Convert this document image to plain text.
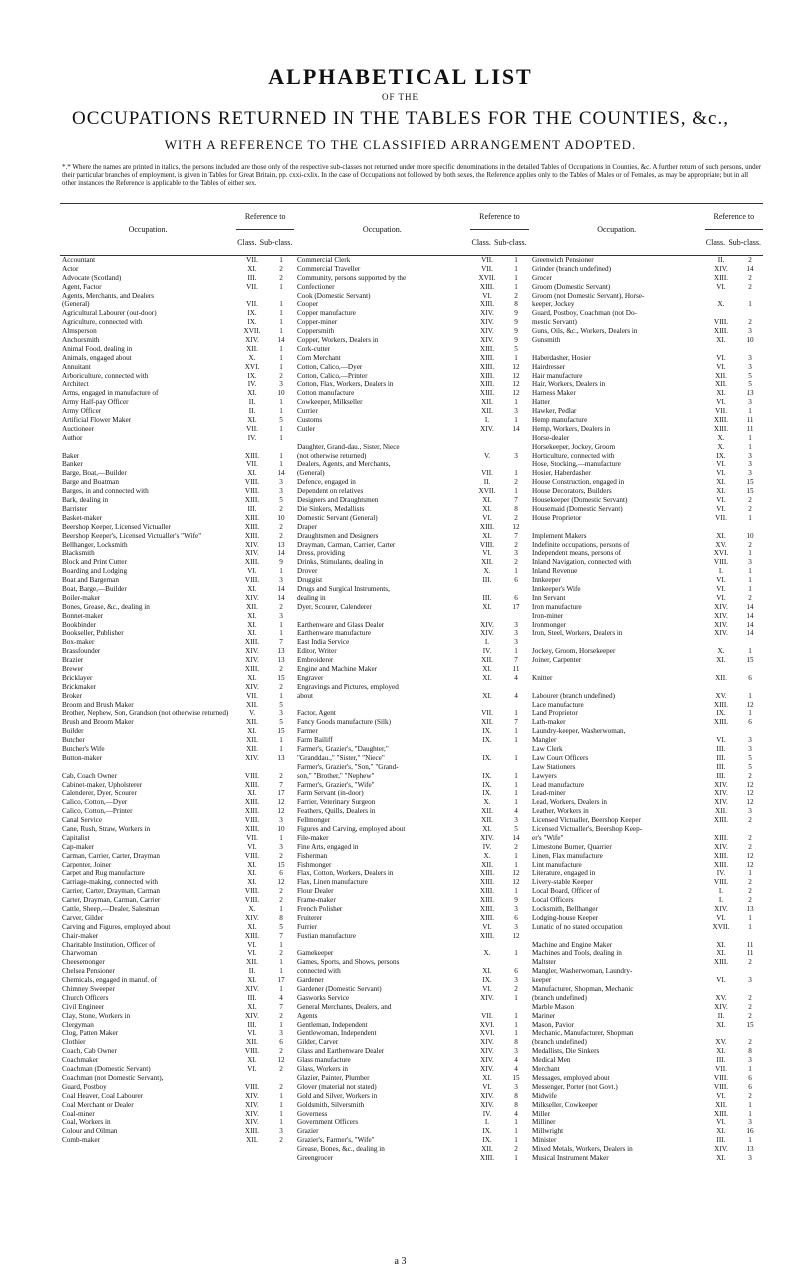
ALPHABETICAL LIST
OF THE
OCCUPATIONS RETURNED IN THE TABLES FOR THE COUNTIES, &c.,
WITH A REFERENCE TO THE CLASSIFIED ARRANGEMENT ADOPTED.
*.* Where the names are printed in italics, the persons included are those only of the respective sub-classes not returned under more specific denominations in the detailed Tables of Occupations in Counties, &c. A further return of such persons, under their particular branches of employment, is given in Tables for Great Britain, pp. cxxi-cxlix. In the case of Occupations not followed by both sexes, the Reference applies only to the Tables of Males or of Females, as may be appropriate; but in all other instances the Reference is applicable to the Tables of either sex.
Occupation.	Reference to		Occupation.	Reference to		Occupation.	Reference to	
	Class.	Sub-class.		Class.	Sub-class.		Class.	Sub-class.
Accountant	VII.	1
Actor	XI.	2
Advocate (Scotland)	III.	2
Agent, Factor	VII.	1
Agents, Merchants, and Dealers
(General)	VII.	1
Agricultural Labourer (out-door)	IX.	1
Agriculture, connected with	IX.	1
Almsperson	XVII.	1
Anchorsmith	XIV.	14
Animal Food, dealing in	XII.	1
Animals, engaged about	X.	1
Annuitant	XVI.	1
Arboriculture, connected with	IX.	2
Architect	IV.	3
Arms, engaged in manufacture of	XI.	10
Army Half-pay Officer	II.	1
Army Officer	II.	1
Artificial Flower Maker	XI.	5
Auctioneer	VII.	1
Author	IV.	1
Baker	XIII.	1
Banker	VII.	1
Barge, Boat,—Builder	XI.	14
Barge and Boatman	VIII.	3
Barges, in and connected with	VIII.	3
Bark, dealing in	XIII.	5
Barrister	III.	2
Basket-maker	XIII.	10
Beershop Keeper, Licensed Victualler	XIII.	2
Beershop Keeper's, Licensed Victualler's "Wife"	XIII.	2
Bellhanger, Locksmith	XIV.	13
Blacksmith	XIV.	14
Block and Print Cutter	XIII.	9
Boarding and Lodging	VI.	1
Boat and Bargeman	VIII.	3
Boat, Barge,—Builder	XI.	14
Boiler-maker	XIV.	14
Bones, Grease, &c., dealing in	XII.	2
Bonnet-maker	XI.	3
Bookbinder	XI.	1
Bookseller, Publisher	XI.	1
Box-maker	XIII.	7
Brassfounder	XIV.	13
Brazier	XIV.	13
Brewer	XIII.	2
Bricklayer	XI.	15
Brickmaker	XIV.	2
Broker	VII.	1
Broom and Brush Maker	XII.	5
Brother, Nephew, Son, Grandson (not otherwise returned)	V.	3
Brush and Broom Maker	XII.	5
Builder	XI.	15
Butcher	XII.	1
Butcher's Wife	XII.	1
Button-maker	XIV.	13
Cab, Coach Owner	VIII.	2
Cabinet-maker, Upholsterer	XIII.	7
Calenderer, Dyer, Scourer	XI.	17
Calico, Cotton,—Dyer	XIII.	12
Calico, Cotton,—Printer	XIII.	12
Canal Service	VIII.	3
Cane, Rush, Straw, Workers in	XIII.	10
Capitalist	VII.	1
Cap-maker	VI.	3
Carman, Carrier, Carter, Drayman	VIII.	2
Carpenter, Joiner	XI.	15
Carpet and Rug manufacture	XI.	6
Carriage-making, connected with	XI.	12
Carrier, Carter, Drayman, Carman	VIII.	2
Carter, Drayman, Carman, Carrier	VIII.	2
Cattle, Sheep,—Dealer, Salesman	X.	1
Carver, Gilder	XIV.	8
Carving and Figures, employed about	XI.	5
Chair-maker	XIII.	7
Charitable Institution, Officer of	VI.	1
Charwoman	VI.	2
Cheesemonger	XII.	1
Chelsea Pensioner	II.	1
Chemicals, engaged in manuf. of	XI.	17
Chimney Sweeper	XIV.	1
Church Officers	III.	4
Civil Engineer	XI.	7
Clay, Stone, Workers in	XIV.	2
Clergyman	III.	1
Clog, Patten Maker	VI.	3
Clothier	XII.	6
Coach, Cab Owner	VIII.	2
Coachmaker	XI.	12
Coachman (Domestic Servant)	VI.	2
Coachman (not Domestic Servant),
Guard, Postboy	VIII.	2
Coal Heaver, Coal Labourer	XIV.	1
Coal Merchant or Dealer	XIV.	1
Coal-miner	XIV.	1
Coal, Workers in	XIV.	1
Colour and Oilman	XIII.	3
Comb-maker	XII.	2
Commercial Clerk	VII.	1
Commercial Traveller	VII.	1
Community, persons supported by the	XVII.	1
Confectioner	XIII.	1
Cook (Domestic Servant)	VI.	2
Cooper	XIII.	8
Copper manufacture	XIV.	9
Copper-miner	XIV.	9
Coppersmith	XIV.	9
Copper, Workers, Dealers in	XIV.	9
Cork-cutter	XIII.	5
Corn Merchant	XIII.	1
Cotton, Calico,—Dyer	XIII.	12
Cotton, Calico,—Printer	XIII.	12
Cotton, Flax, Workers, Dealers in	XIII.	12
Cotton manufacture	XIII.	12
Cowkeeper, Milkseller	XII.	1
Currier	XII.	3
Customs	I.	1
Cutler	XIV.	14
Daughter, Grand-dau., Sister, Niece
(not otherwise returned)	V.	3
Dealers, Agents, and Merchants,
(General)	VII.	1
Defence, engaged in	II.	2
Dependent on relatives	XVII.	1
Designers and Draughtsmen	XI.	7
Die Sinkers, Medallists	XI.	8
Domestic Servant (General)	VI.	2
Draper	XIII.	12
Draughtsmen and Designers	XI.	7
Drayman, Carman, Carrier, Carter	VIII.	2
Dress, providing	VI.	3
Drinks, Stimulants, dealing in	XII.	2
Drover	X.	1
Druggist	III.	6
Drugs and Surgical Instruments,
dealing in	III.	6
Dyer, Scourer, Calenderer	XI.	17
Earthenware and Glass Dealer	XIV.	3
Earthenware manufacture	XIV.	3
East India Service	I.	3
Editor, Writer	IV.	1
Embroiderer	XII.	7
Engine and Machine Maker	XI.	11
Engraver	XI.	4
Engravings and Pictures, employed
about	XI.	4
Factor, Agent	VII.	1
Fancy Goods manufacture (Silk)	XII.	7
Farmer	IX.	1
Farm Bailiff	IX.	1
Farmer's, Grazier's, "Daughter,"
"Granddau.," "Sister," "Niece"	IX.	1
Farmer's, Grazier's, "Son," "Grand-
son," "Brother," "Nephew"	IX.	1
Farmer's, Grazier's, "Wife"	IX.	1
Farm Servant (in-door)	IX.	1
Farrier, Veterinary Surgeon	X.	1
Feathers, Quills, Dealers in	XII.	4
Fellmonger	XII.	3
Figures and Carving, employed about	XI.	5
File-maker	XIV.	14
Fine Arts, engaged in	IV.	2
Fisherman	X.	1
Fishmonger	XII.	1
Flax, Cotton, Workers, Dealers in	XIII.	12
Flax, Linen manufacture	XIII.	12
Flour Dealer	XIII.	1
Frame-maker	XIII.	9
French Polisher	XIII.	3
Fruiterer	XIII.	6
Furrier	VI.	3
Fustian manufacture	XIII.	12
Gamekeeper	X.	1
Games, Sports, and Shows, persons
connected with	XI.	6
Gardener	IX.	3
Gardener (Domestic Servant)	VI.	2
Gasworks Service	XIV.	1
General Merchants, Dealers, and
Agents	VII.	1
Gentleman, Independent	XVI.	1
Gentlewoman, Independent	XVI.	1
Gilder, Carver	XIV.	8
Glass and Earthenware Dealer	XIV.	3
Glass manufacture	XIV.	4
Glass, Workers in	XIV.	4
Glazier, Painter, Plumber	XI.	15
Glover (material not stated)	VI.	3
Gold and Silver, Workers in	XIV.	8
Goldsmith, Silversmith	XIV.	8
Governess	IV.	4
Government Officers	I.	1
Grazier	IX.	1
Grazier's, Farmer's, "Wife"	IX.	1
Grease, Bones, &c., dealing in	XII.	2
Greengrocer	XIII.	1
Greenwich Pensioner	II.	2
Grinder (branch undefined)	XIV.	14
Grocer	XIII.	2
Groom (Domestic Servant)	VI.	2
Groom (not Domestic Servant), Horse-
keeper, Jockey	X.	1
Guard, Postboy, Coachman (not Do-
mestic Servant)	VIII.	2
Guns, Oils, &c., Workers, Dealers in	XIII.	3
Gunsmith	XI.	10
Haberdasher, Hosier	VI.	3
Hairdresser	VI.	3
Hair manufacture	XII.	5
Hair, Workers, Dealers in	XII.	5
Harness Maker	XI.	13
Hatter	VI.	3
Hawker, Pedlar	VII.	1
Hemp manufacture	XIII.	11
Hemp, Workers, Dealers in	XIII.	11
Horse-dealer	X.	1
Horsekeeper, Jockey, Groom	X.	1
Horticulture, connected with	IX.	3
Hose, Stocking,—manufacture	VI.	3
Hosier, Haberdasher	VI.	3
House Construction, engaged in	XI.	15
House Decorators, Builders	XI.	15
Housekeeper (Domestic Servant)	VI.	2
Housemaid (Domestic Servant)	VI.	2
House Proprietor	VII.	1
Implement Makers	XI.	10
Indefinite occupations, persons of	XV.	2
Independent means, persons of	XVI.	1
Inland Navigation, connected with	VIII.	3
Inland Revenue	I.	1
Innkeeper	VI.	1
Innkeeper's Wife	VI.	1
Inn Servant	VI.	2
Iron manufacture	XIV.	14
Iron-miner	XIV.	14
Ironmonger	XIV.	14
Iron, Steel, Workers, Dealers in	XIV.	14
Jockey, Groom, Horsekeeper	X.	1
Joiner, Carpenter	XI.	15
Knitter	XII.	6
Labourer (branch undefined)	XV.	1
Lace manufacture	XIII.	12
Land Proprietor	IX.	1
Lath-maker	XIII.	6
Laundry-keeper, Washerwoman,
Mangler	VI.	3
Law Clerk	III.	3
Law Court Officers	III.	5
Law Stationers	III.	5
Lawyers	III.	2
Lead manufacture	XIV.	12
Lead-miner	XIV.	12
Lead, Workers, Dealers in	XIV.	12
Leather, Workers in	XII.	3
Licensed Victualler, Beershop Keeper	XIII.	2
Licensed Victualler's, Beershop Keep-
er's "Wife"	XIII.	2
Limestone Burner, Quarrier	XIV.	2
Linen, Flax manufacture	XIII.	12
Lint manufacture	XIII.	12
Literature, engaged in	IV.	1
Livery-stable Keeper	VIII.	2
Local Board, Officer of	I.	2
Local Officers	I.	2
Locksmith, Bellhanger	XIV.	13
Lodging-house Keeper	VI.	1
Lunatic of no stated occupation	XVII.	1
Machine and Engine Maker	XI.	11
Machines and Tools, dealing in	XI.	11
Maltster	XIII.	2
Mangler, Washerwoman, Laundry-
keeper	VI.	3
Manufacturer, Shopman, Mechanic
(branch undefined)	XV.	2
Marble Mason	XIV.	2
Mariner	II.	2
Mason, Pavior	XI.	15
Mechanic, Manufacturer, Shopman
(branch undefined)	XV.	2
Medallists, Die Sinkers	XI.	8
Medical Men	III.	3
Merchant	VII.	1
Messages, employed about	VIII.	6
Messenger, Porter (not Govt.)	VIII.	6
Midwife	VI.	2
Milkseller, Cowkeeper	XII.	1
Miller	XIII.	1
Milliner	VI.	3
Millwright	XI.	16
Minister	III.	1
Mixed Metals, Workers, Dealers in	XIV.	13
Musical Instrument Maker	XI.	3
a 3
